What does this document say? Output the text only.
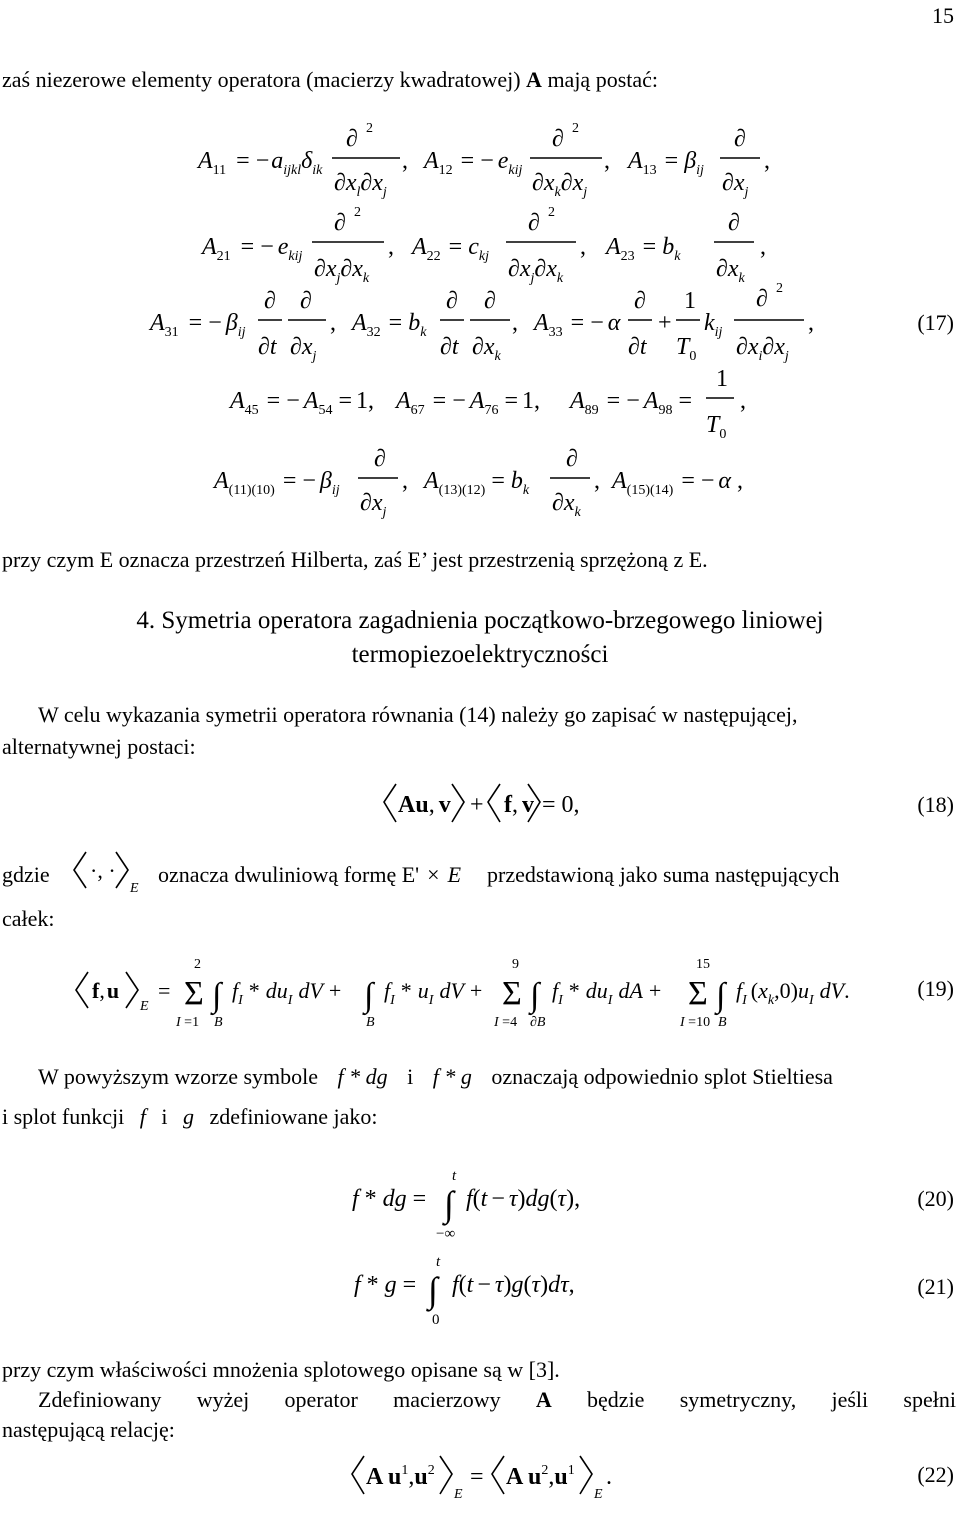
15
zaś niezerowe elementy operatora (macierzy kwadratowej) A mają postać:
$A_{11} = -a_{ijkl}\delta_{ik}$
∂ 2
$\partial x_l\partial x_j$
, $A_{12}$ = − $e_{kij}$
∂ 2
$\partial x_k\partial x_j$
, $A_{13} = \beta_{ij}$
∂
$\partial x_j$
,
$A_{21}$ = − $e_{kij}$
∂ 2
$\partial x_j\partial x_k$
, $A_{22} = c_{kj}$
∂ 2
$\partial x_j\partial x_k$
, $A_{23} = b_k$
∂
$\partial x_k$
,
$A_{31}$ = − $\beta_{ij}$
∂
∂t
∂
$\partial x_j$
, $A_{32} = b_k$
∂
∂t
∂
$\partial x_k$
, $A_{33}$ = − α
∂
∂t
+
1
$T_0$
$k_{ij}$
∂ 2
$\partial x_i\partial x_j$
,
$A_{45}$ = − $A_{54} = 1$, $A_{67}$ = − $A_{76} = 1$, $A_{89}$ = − $A_{98}$ =
1
$T_0$
,
$A_{(11)(10)}$ = − $\beta_{ij}$
∂
$\partial x_j$
, $A_{(13)(12)} = b_k$
∂
$\partial x_k$
, $A_{(15)(14)}$ = − α ,
(17)
przy czym E oznacza przestrzeń Hilberta, zaś E’ jest przestrzenią sprzężoną z E.
4. Symetria operatora zagadnienia początkowo-brzegowego liniowej
termopiezoelektryczności
W celu wykazania symetrii operatora równania (14) należy go zapisać w następującej,
alternatywnej postaci:
Au, v + f, v = 0,	(18)
gdzie ·, ·
E
oznacza dwuliniową formę E' × E przedstawioną jako suma następujących
całek:
f,u
E
=
2
Σ
I =1
∫
B
$f_I * du_I$ dV + ∫
B
$f_I * u_I$ dV +
9
Σ
I =4
∫
∂B
$f_I * du_I$ dA +
15
Σ
I =10
∫
B
$f_I$ $(x_k,0)u_I$ dV.	(19)
W powyższym wzorze symbole f * dg i f * g oznaczają odpowiednio splot Stieltiesa
i splot funkcji f i g zdefiniowane jako:
f * dg =
t
∫
−∞
f(t − τ)dg(τ),	(20)
f * g =
t
∫
0
f(t − τ)g(τ)dτ,	(21)
przy czym właściwości mnożenia splotowego opisane są w [3].
Zdefiniowany wyżej operator macierzowy A będzie symetryczny, jeśli spełni
następującą relację:
A $u^1,u^2$
E
= A $u^2,u^1$
E
.	(22)
